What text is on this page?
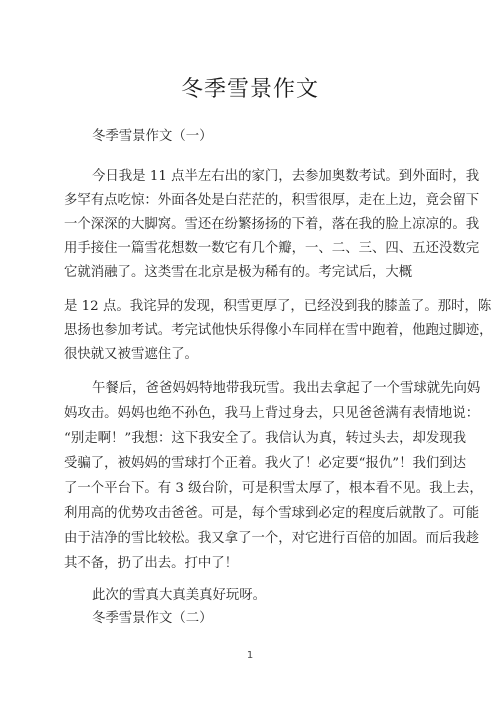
冬季雪景作文
冬季雪景作文（一）
今日我是 11 点半左右出的家门，去参加奥数考试。到外面时，我
多罕有点吃惊：外面各处是白茫茫的，积雪很厚，走在上边，竟会留下
一个深深的大脚窝。雪还在纷繁扬扬的下着，落在我的脸上凉凉的。我
用手接住一篇雪花想数一数它有几个瓣，一、二、三、四、五还没数完
它就消融了。这类雪在北京是极为稀有的。考完试后，大概
是 12 点。我诧异的发现，积雪更厚了，已经没到我的膝盖了。那时，陈
思扬也参加考试。考完试他快乐得像小车同样在雪中跑着，他跑过脚迹，
很快就又被雪遮住了。
午餐后，爸爸妈妈特地带我玩雪。我出去拿起了一个雪球就先向妈
妈攻击。妈妈也绝不孙色，我马上背过身去，只见爸爸满有表情地说：
“别走啊！”我想：这下我安全了。我信认为真，转过头去，却发现我
受骗了，被妈妈的雪球打个正着。我火了！必定要“报仇”！我们到达
了一个平台下。有 3 级台阶，可是积雪太厚了，根本看不见。我上去，
利用高的优势攻击爸爸。可是，每个雪球到必定的程度后就散了。可能
由于洁净的雪比较松。我又拿了一个，对它进行百倍的加固。而后我趁
其不备，扔了出去。打中了！
此次的雪真大真美真好玩呀。
冬季雪景作文（二）
1
